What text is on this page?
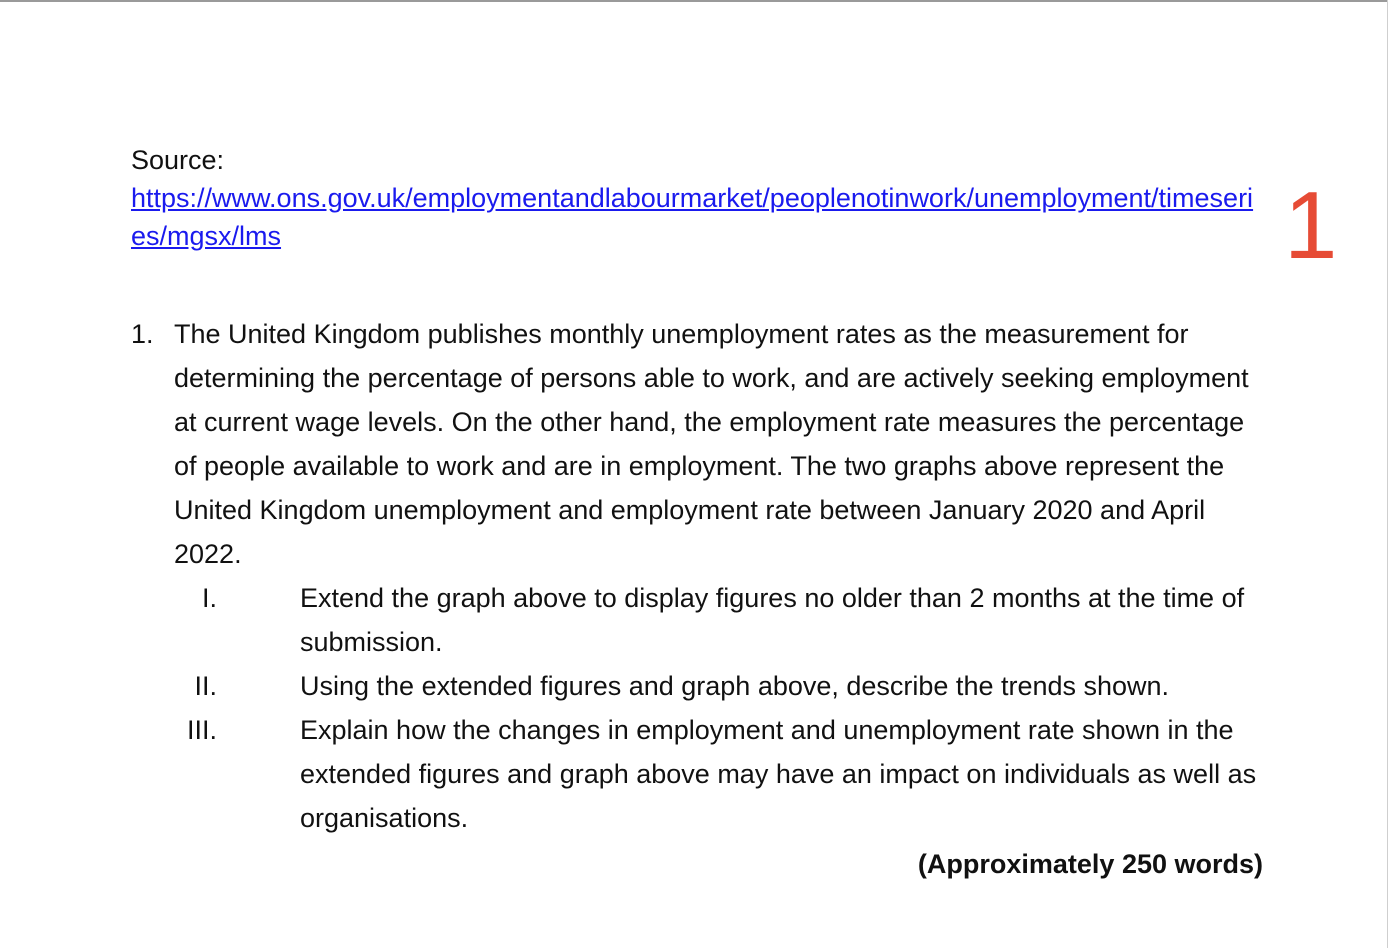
Source:
https://www.ons.gov.uk/employmentandlabourmarket/peoplenotinwork/unemployment/timeseries/mgsx/lms	1
1. The United Kingdom publishes monthly unemployment rates as the measurement for determining the percentage of persons able to work, and are actively seeking employment at current wage levels. On the other hand, the employment rate measures the percentage of people available to work and are in employment. The two graphs above represent the United Kingdom unemployment and employment rate between January 2020 and April 2022.
I.	Extend the graph above to display figures no older than 2 months at the time of submission.
II.	Using the extended figures and graph above, describe the trends shown.
III.	Explain how the changes in employment and unemployment rate shown in the extended figures and graph above may have an impact on individuals as well as organisations.
(Approximately 250 words)
